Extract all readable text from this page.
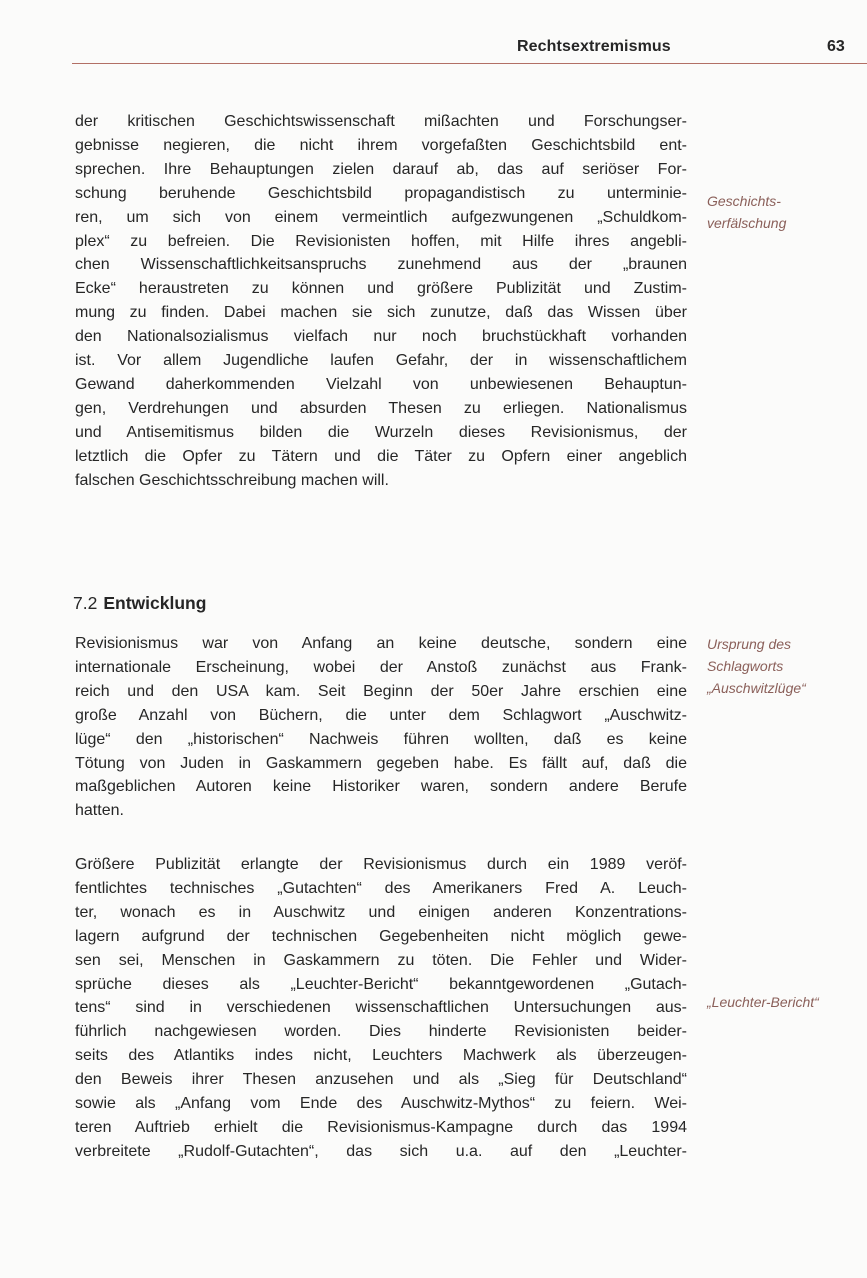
Rechtsextremismus	63
der kritischen Geschichtswissenschaft mißachten und Forschungser-
gebnisse negieren, die nicht ihrem vorgefaßten Geschichtsbild ent-
sprechen. Ihre Behauptungen zielen darauf ab, das auf seriöser For-
schung beruhende Geschichtsbild propagandistisch zu unterminie-
ren, um sich von einem vermeintlich aufgezwungenen „Schuldkom-
plex“ zu befreien. Die Revisionisten hoffen, mit Hilfe ihres angebli-
chen Wissenschaftlichkeitsanspruchs zunehmend aus der „braunen
Ecke“ heraustreten zu können und größere Publizität und Zustim-
mung zu finden. Dabei machen sie sich zunutze, daß das Wissen über
den Nationalsozialismus vielfach nur noch bruchstückhaft vorhanden
ist. Vor allem Jugendliche laufen Gefahr, der in wissenschaftlichem
Gewand daherkommenden Vielzahl von unbewiesenen Behauptun-
gen, Verdrehungen und absurden Thesen zu erliegen. Nationalismus
und Antisemitismus bilden die Wurzeln dieses Revisionismus, der
letztlich die Opfer zu Tätern und die Täter zu Opfern einer angeblich
falschen Geschichtsschreibung machen will.
7.2 Entwicklung
Revisionismus war von Anfang an keine deutsche, sondern eine
internationale Erscheinung, wobei der Anstoß zunächst aus Frank-
reich und den USA kam. Seit Beginn der 50er Jahre erschien eine
große Anzahl von Büchern, die unter dem Schlagwort „Auschwitz-
lüge“ den „historischen“ Nachweis führen wollten, daß es keine
Tötung von Juden in Gaskammern gegeben habe. Es fällt auf, daß die
maßgeblichen Autoren keine Historiker waren, sondern andere Berufe
hatten.
Größere Publizität erlangte der Revisionismus durch ein 1989 veröf-
fentlichtes technisches „Gutachten“ des Amerikaners Fred A. Leuch-
ter, wonach es in Auschwitz und einigen anderen Konzentrations-
lagern aufgrund der technischen Gegebenheiten nicht möglich gewe-
sen sei, Menschen in Gaskammern zu töten. Die Fehler und Wider-
sprüche dieses als „Leuchter-Bericht“ bekanntgewordenen „Gutach-
tens“ sind in verschiedenen wissenschaftlichen Untersuchungen aus-
führlich nachgewiesen worden. Dies hinderte Revisionisten beider-
seits des Atlantiks indes nicht, Leuchters Machwerk als überzeugen-
den Beweis ihrer Thesen anzusehen und als „Sieg für Deutschland“
sowie als „Anfang vom Ende des Auschwitz-Mythos“ zu feiern. Wei-
teren Auftrieb erhielt die Revisionismus-Kampagne durch das 1994
verbreitete „Rudolf-Gutachten“, das sich u.a. auf den „Leuchter-
Geschichts-
verfälschung
Ursprung des
Schlagworts
„Auschwitzlüge“
„Leuchter-Bericht“
